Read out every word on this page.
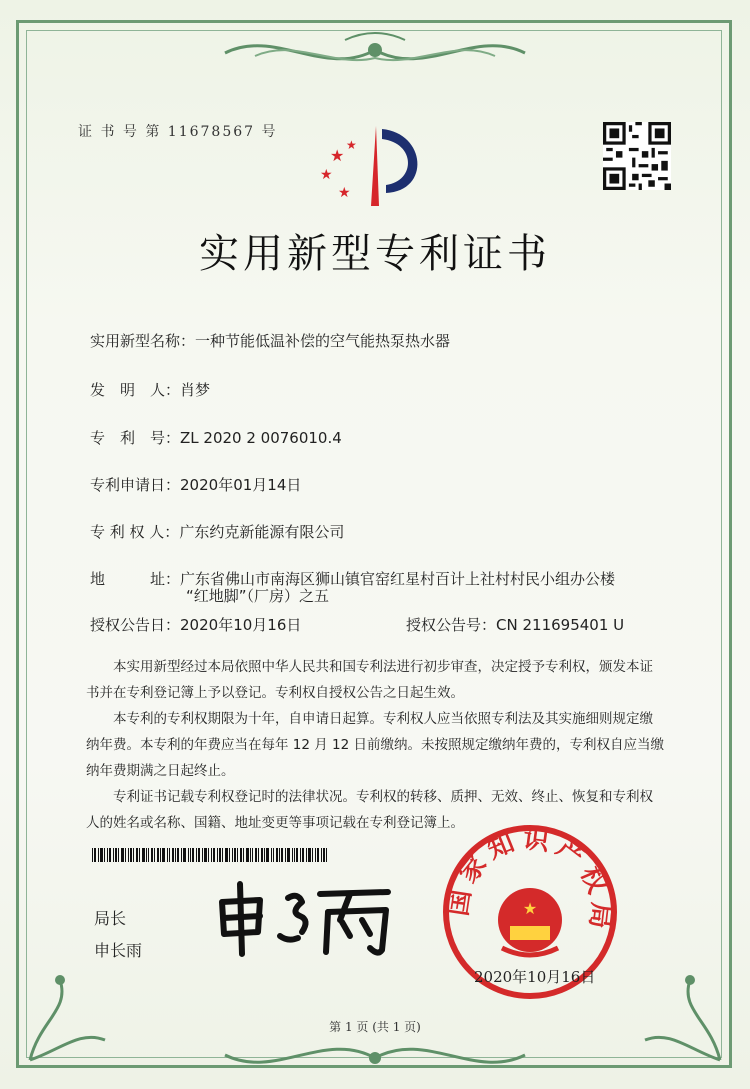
证 书 号 第 11678567 号
★
★
★
★
实用新型专利证书
实用新型名称：一种节能低温补偿的空气能热泵热水器
发　明　人：肖梦
专　利　号：ZL 2020 2 0076010.4
专利申请日：2020年01月14日
专 利 权 人：广东约克新能源有限公司
地　　　址：广东省佛山市南海区狮山镇官窑红星村百计上社村村民小组办公楼
“红地脚”（厂房）之五
授权公告日：2020年10月16日	授权公告号：CN 211695401 U
本实用新型经过本局依照中华人民共和国专利法进行初步审查，决定授予专利权，颁发本证书并在专利登记簿上予以登记。专利权自授权公告之日起生效。
本专利的专利权期限为十年，自申请日起算。专利权人应当依照专利法及其实施细则规定缴纳年费。本专利的年费应当在每年 12 月 12 日前缴纳。未按照规定缴纳年费的，专利权自应当缴纳年费期满之日起终止。
专利证书记载专利权登记时的法律状况。专利权的转移、质押、无效、终止、恢复和专利权人的姓名或名称、国籍、地址变更等事项记载在专利登记簿上。
局长
申长雨
国家知识产权局
★
2020年10月16日
第 1 页 (共 1 页)
